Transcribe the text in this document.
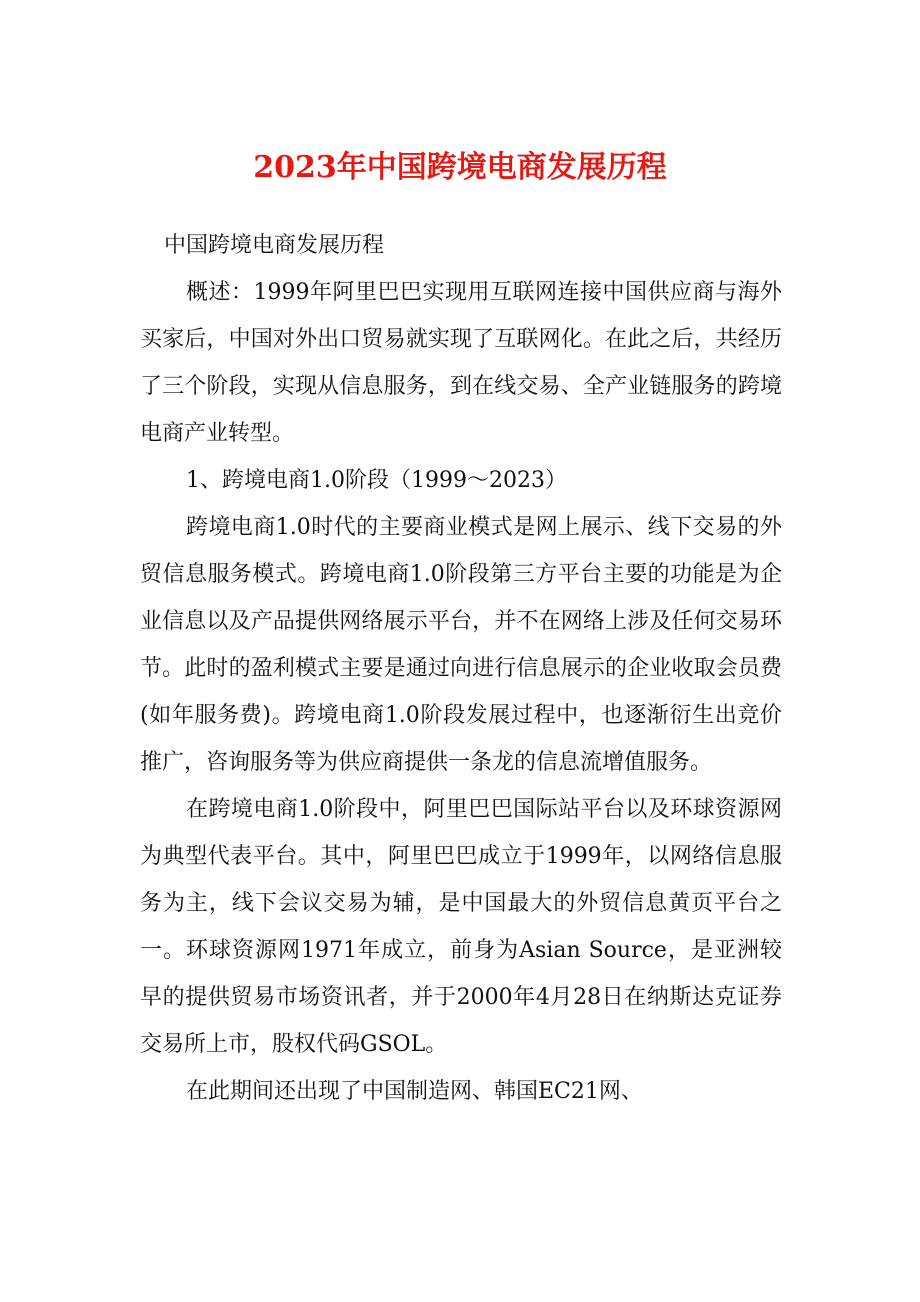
2023年中国跨境电商发展历程

中国跨境电商发展历程

概述：1999年阿里巴巴实现用互联网连接中国供应商与海外买家后，中国对外出口贸易就实现了互联网化。在此之后，共经历了三个阶段，实现从信息服务，到在线交易、全产业链服务的跨境电商产业转型。

1、跨境电商1.0阶段（1999～2023）

跨境电商1.0时代的主要商业模式是网上展示、线下交易的外贸信息服务模式。跨境电商1.0阶段第三方平台主要的功能是为企业信息以及产品提供网络展示平台，并不在网络上涉及任何交易环节。此时的盈利模式主要是通过向进行信息展示的企业收取会员费(如年服务费)。跨境电商1.0阶段发展过程中，也逐渐衍生出竞价推广，咨询服务等为供应商提供一条龙的信息流增值服务。

在跨境电商1.0阶段中，阿里巴巴国际站平台以及环球资源网为典型代表平台。其中，阿里巴巴成立于1999年，以网络信息服务为主，线下会议交易为辅，是中国最大的外贸信息黄页平台之一。环球资源网1971年成立，前身为Asian Source，是亚洲较早的提供贸易市场资讯者，并于2000年4月28日在纳斯达克证券交易所上市，股权代码GSOL。

在此期间还出现了中国制造网、韩国EC21网、
